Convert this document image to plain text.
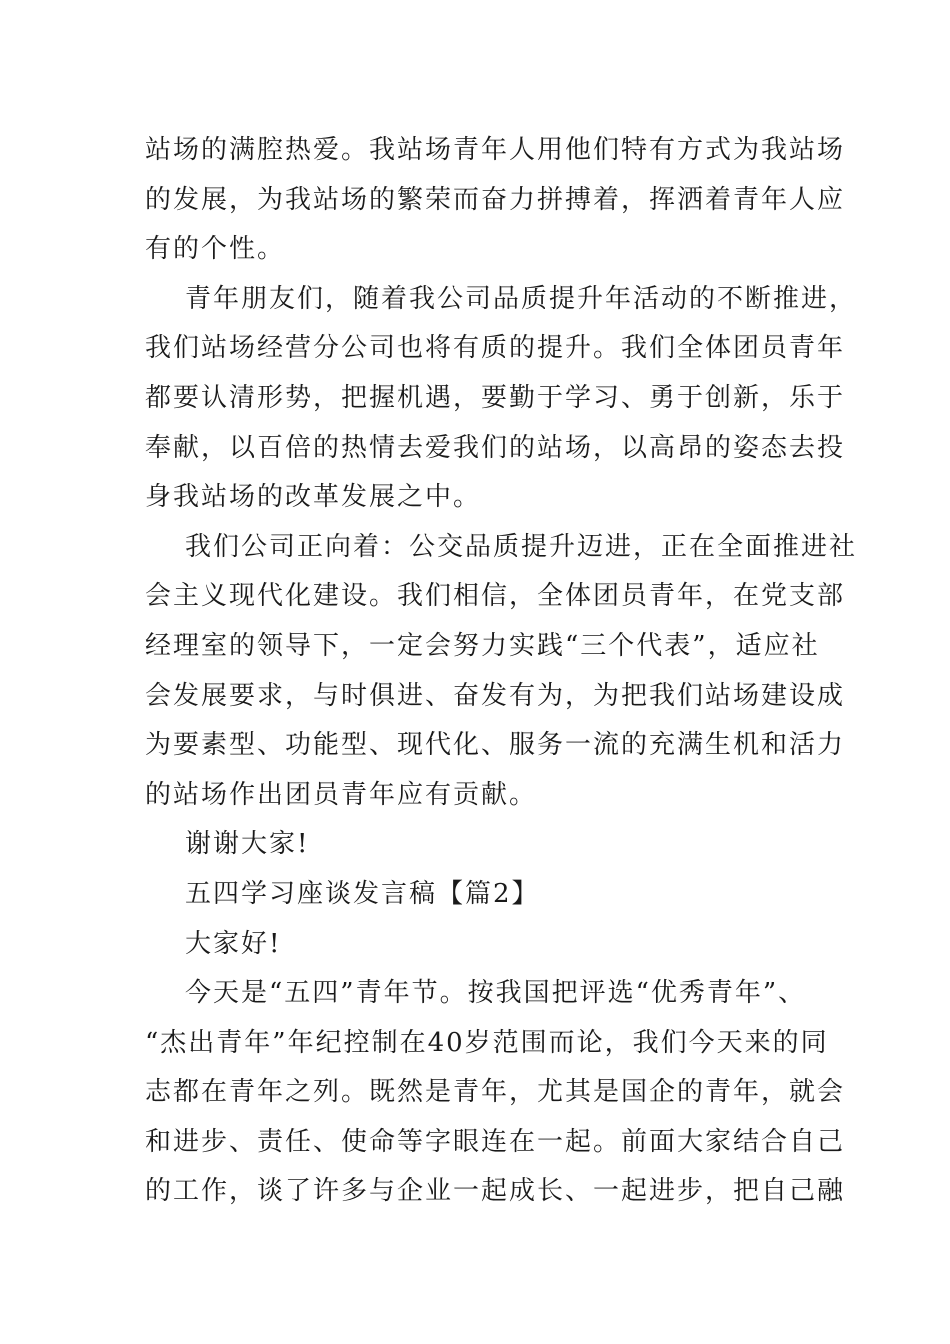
站场的满腔热爱。我站场青年人用他们特有方式为我站场
的发展，为我站场的繁荣而奋力拼搏着，挥洒着青年人应
有的个性。
青年朋友们，随着我公司品质提升年活动的不断推进，
我们站场经营分公司也将有质的提升。我们全体团员青年
都要认清形势，把握机遇，要勤于学习、勇于创新，乐于
奉献，以百倍的热情去爱我们的站场，以高昂的姿态去投
身我站场的改革发展之中。
我们公司正向着：公交品质提升迈进，正在全面推进社
会主义现代化建设。我们相信，全体团员青年，在党支部
经理室的领导下，一定会努力实践“三个代表”，适应社
会发展要求，与时俱进、奋发有为，为把我们站场建设成
为要素型、功能型、现代化、服务一流的充满生机和活力
的站场作出团员青年应有贡献。
谢谢大家!
五四学习座谈发言稿【篇2】
大家好!
今天是“五四”青年节。按我国把评选“优秀青年”、
“杰出青年”年纪控制在40岁范围而论，我们今天来的同
志都在青年之列。既然是青年，尤其是国企的青年，就会
和进步、责任、使命等字眼连在一起。前面大家结合自己
的工作，谈了许多与企业一起成长、一起进步，把自己融
